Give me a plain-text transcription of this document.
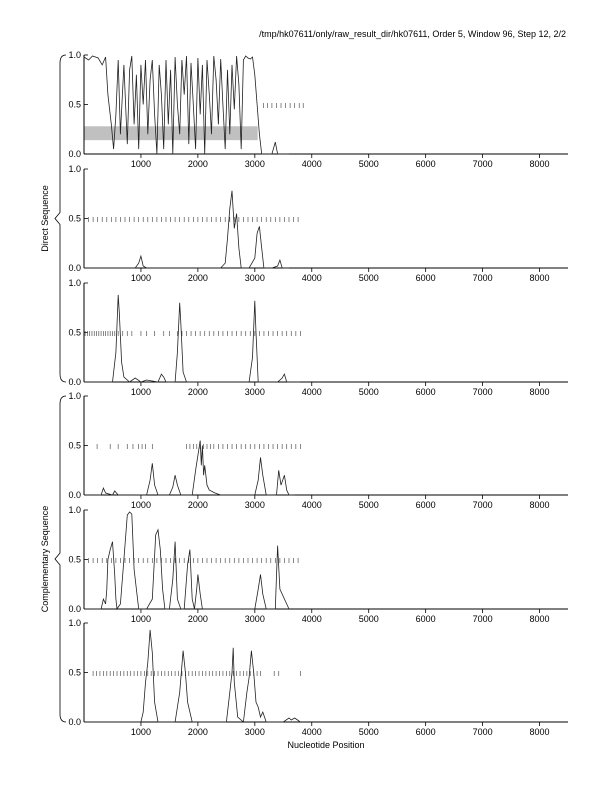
/tmp/hk07611/only/raw_result_dir/hk07611, Order 5, Window 96, Step 12, 2/2
0.0
0.5
1.0
1000	2000	3000	4000	5000	6000	7000	8000
0.0
0.5
1.0
1000	2000	3000	4000	5000	6000	7000	8000
0.0
0.5
1.0
1000	2000	3000	4000	5000	6000	7000	8000
0.0
0.5
1.0
1000	2000	3000	4000	5000	6000	7000	8000
0.0
0.5
1.0
1000	2000	3000	4000	5000	6000	7000	8000
0.0
0.5
1.0
1000	2000	3000	4000	5000	6000	7000	8000
Direct Sequence
Complementary Sequence
Nucleotide Position
